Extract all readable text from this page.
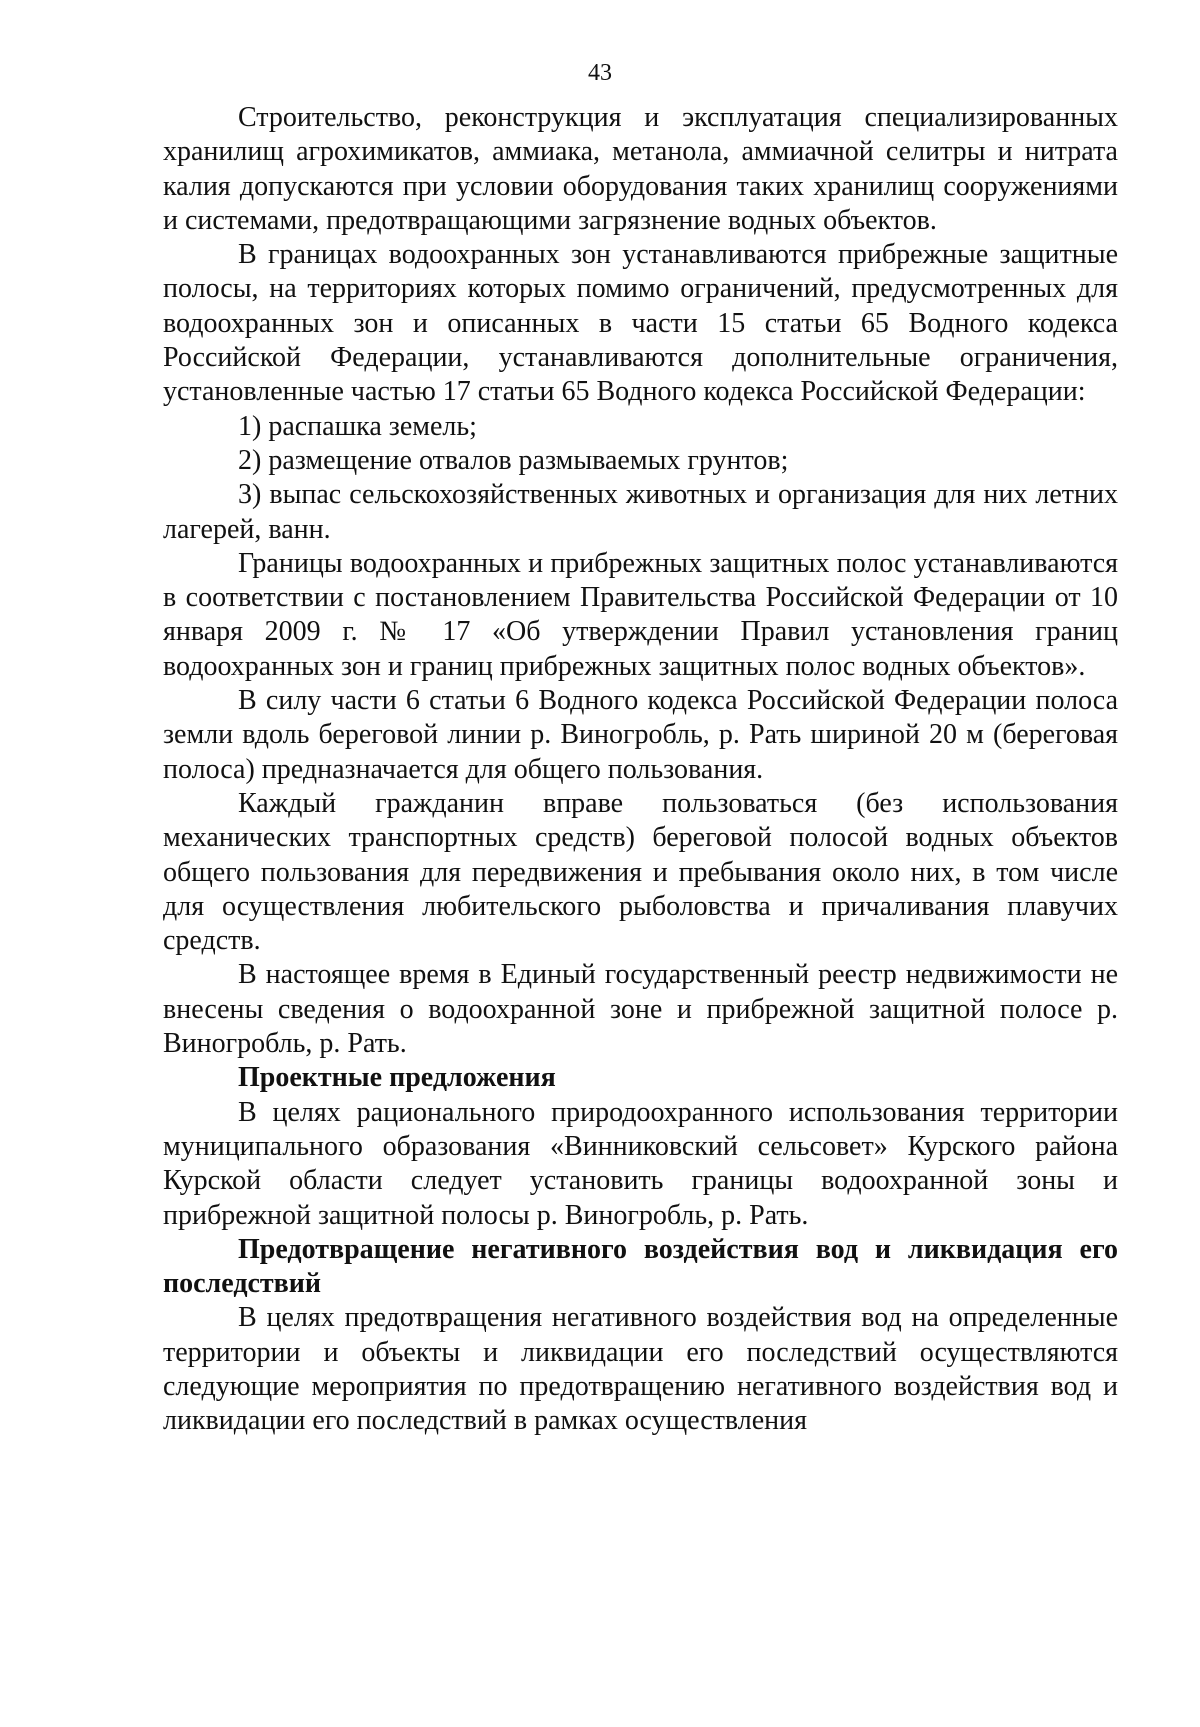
43

Строительство, реконструкция и эксплуатация специализированных хранилищ агрохимикатов, аммиака, метанола, аммиачной селитры и нитрата калия допускаются при условии оборудования таких хранилищ сооружениями и системами, предотвращающими загрязнение водных объектов.

В границах водоохранных зон устанавливаются прибрежные защитные полосы, на территориях которых помимо ограничений, предусмотренных для водоохранных зон и описанных в части 15 статьи 65 Водного кодекса Российской Федерации, устанавливаются дополнительные ограничения, установленные частью 17 статьи 65 Водного кодекса Российской Федерации:

1) распашка земель;

2) размещение отвалов размываемых грунтов;

3) выпас сельскохозяйственных животных и организация для них летних лагерей, ванн.

Границы водоохранных и прибрежных защитных полос устанавливаются в соответствии с постановлением Правительства Российской Федерации от 10 января 2009 г. № 17 «Об утверждении Правил установления границ водоохранных зон и границ прибрежных защитных полос водных объектов».

В силу части 6 статьи 6 Водного кодекса Российской Федерации полоса земли вдоль береговой линии р. Виногробль, р. Рать шириной 20 м (береговая полоса) предназначается для общего пользования.

Каждый гражданин вправе пользоваться (без использования механических транспортных средств) береговой полосой водных объектов общего пользования для передвижения и пребывания около них, в том числе для осуществления любительского рыболовства и причаливания плавучих средств.

В настоящее время в Единый государственный реестр недвижимости не внесены сведения о водоохранной зоне и прибрежной защитной полосе р. Виногробль, р. Рать.

Проектные предложения

В целях рационального природоохранного использования территории муниципального образования «Винниковский сельсовет» Курского района Курской области следует установить границы водоохранной зоны и прибрежной защитной полосы р. Виногробль, р. Рать.

Предотвращение негативного воздействия вод и ликвидация его последствий

В целях предотвращения негативного воздействия вод на определенные территории и объекты и ликвидации его последствий осуществляются следующие мероприятия по предотвращению негативного воздействия вод и ликвидации его последствий в рамках осуществления
